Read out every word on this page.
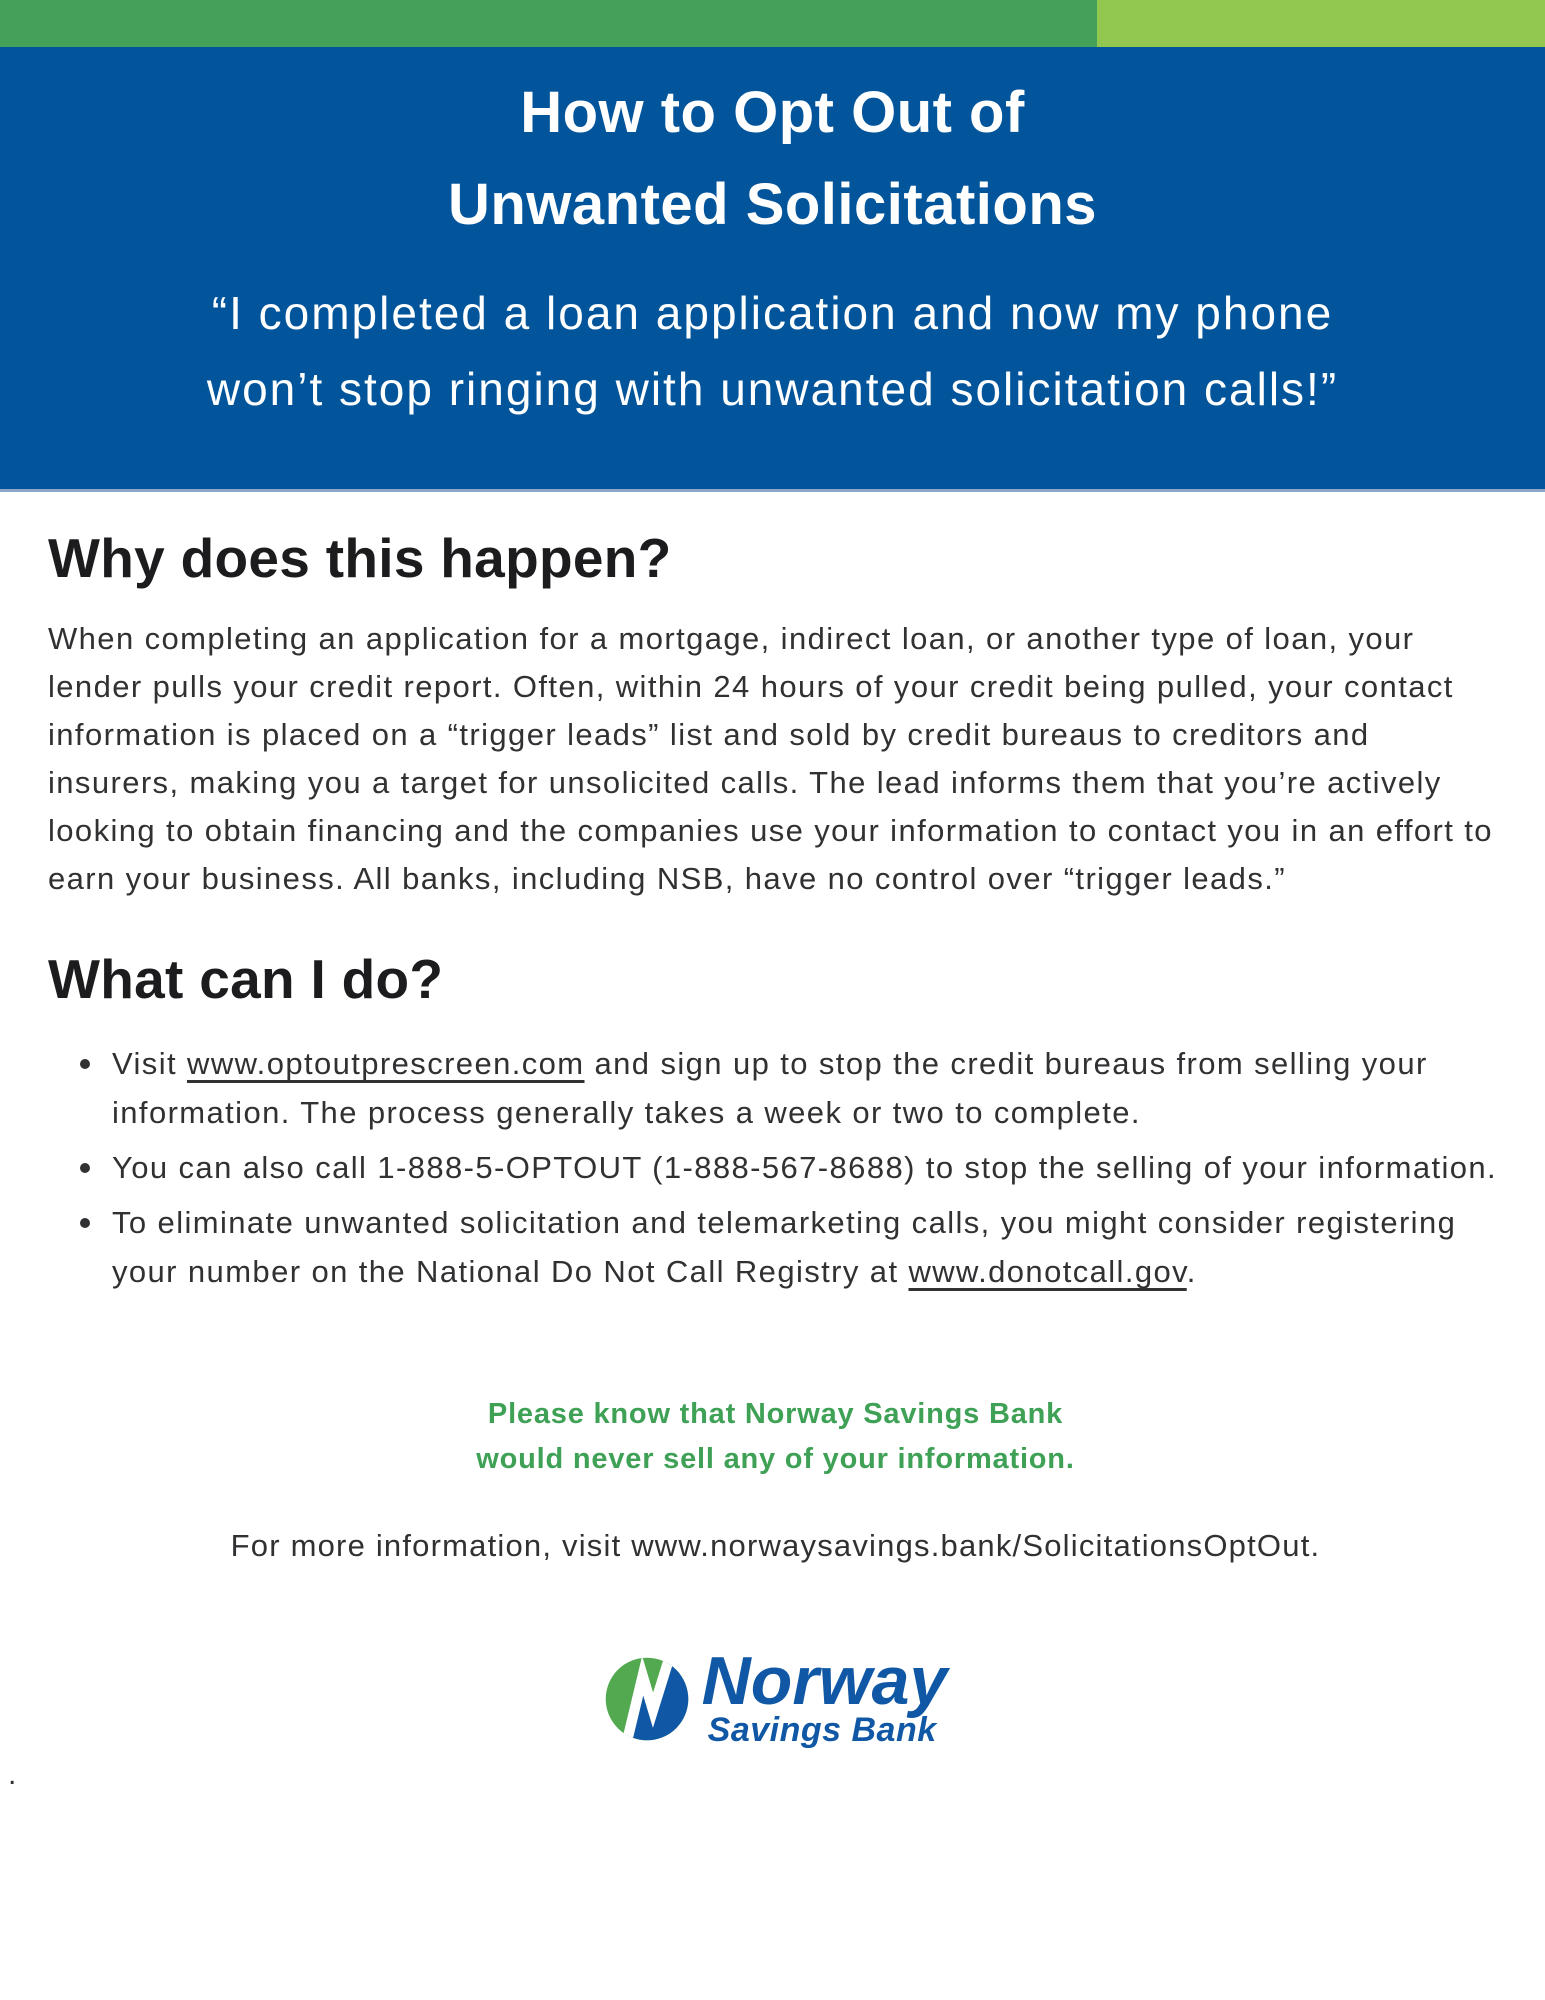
How to Opt Out of
Unwanted Solicitations
“I completed a loan application and now my phone
won’t stop ringing with unwanted solicitation calls!”
Why does this happen?

When completing an application for a mortgage, indirect loan, or another type of loan, your lender pulls your credit report. Often, within 24 hours of your credit being pulled, your contact information is placed on a “trigger leads” list and sold by credit bureaus to creditors and insurers, making you a target for unsolicited calls. The lead informs them that you’re actively looking to obtain financing and the companies use your information to contact you in an effort to earn your business. All banks, including NSB, have no control over “trigger leads.”

What can I do?
Visit www.optoutprescreen.com and sign up to stop the credit bureaus from selling your information. The process generally takes a week or two to complete.
You can also call 1-888-5-OPTOUT (1-888-567-8688) to stop the selling of your information.
To eliminate unwanted solicitation and telemarketing calls, you might consider registering your number on the National Do Not Call Registry at www.donotcall.gov.
Please know that Norway Savings Bank
would never sell any of your information.
For more information, visit www.norwaysavings.bank/SolicitationsOptOut.
Norway
Savings Bank
.
